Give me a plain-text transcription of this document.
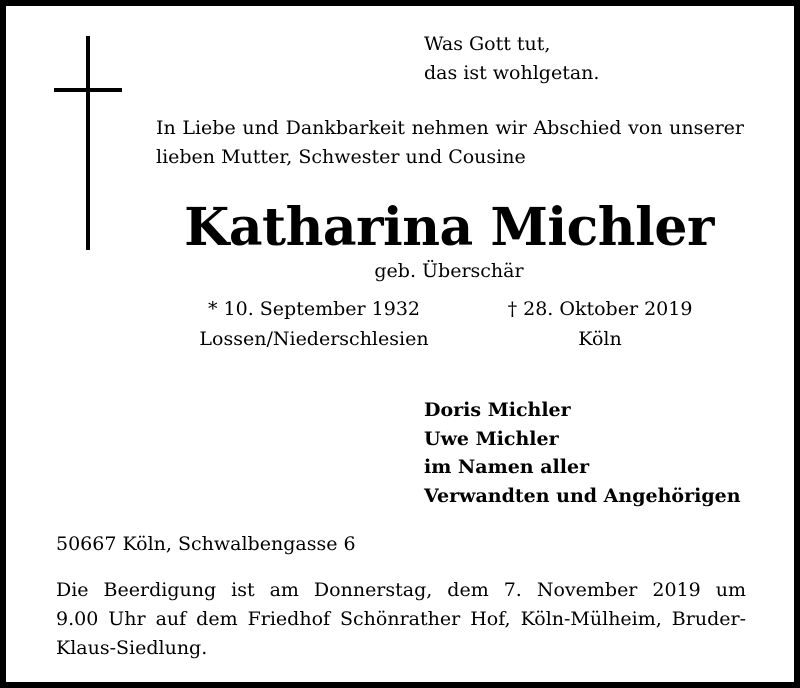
Was Gott tut,
das ist wohlgetan.
In Liebe und Dankbarkeit nehmen wir Abschied von unserer
lieben Mutter, Schwester und Cousine
Katharina Michler
geb. Überschär
* 10. September 1932
Lossen/Niederschlesien
† 28. Oktober 2019
Köln
Doris Michler
Uwe Michler
im Namen aller
Verwandten und Angehörigen
50667 Köln, Schwalbengasse 6
Die Beerdigung ist am Donnerstag, dem 7. November 2019 um
9.00 Uhr auf dem Friedhof Schönrather Hof, Köln-Mülheim, Bruder-
Klaus-Siedlung.
